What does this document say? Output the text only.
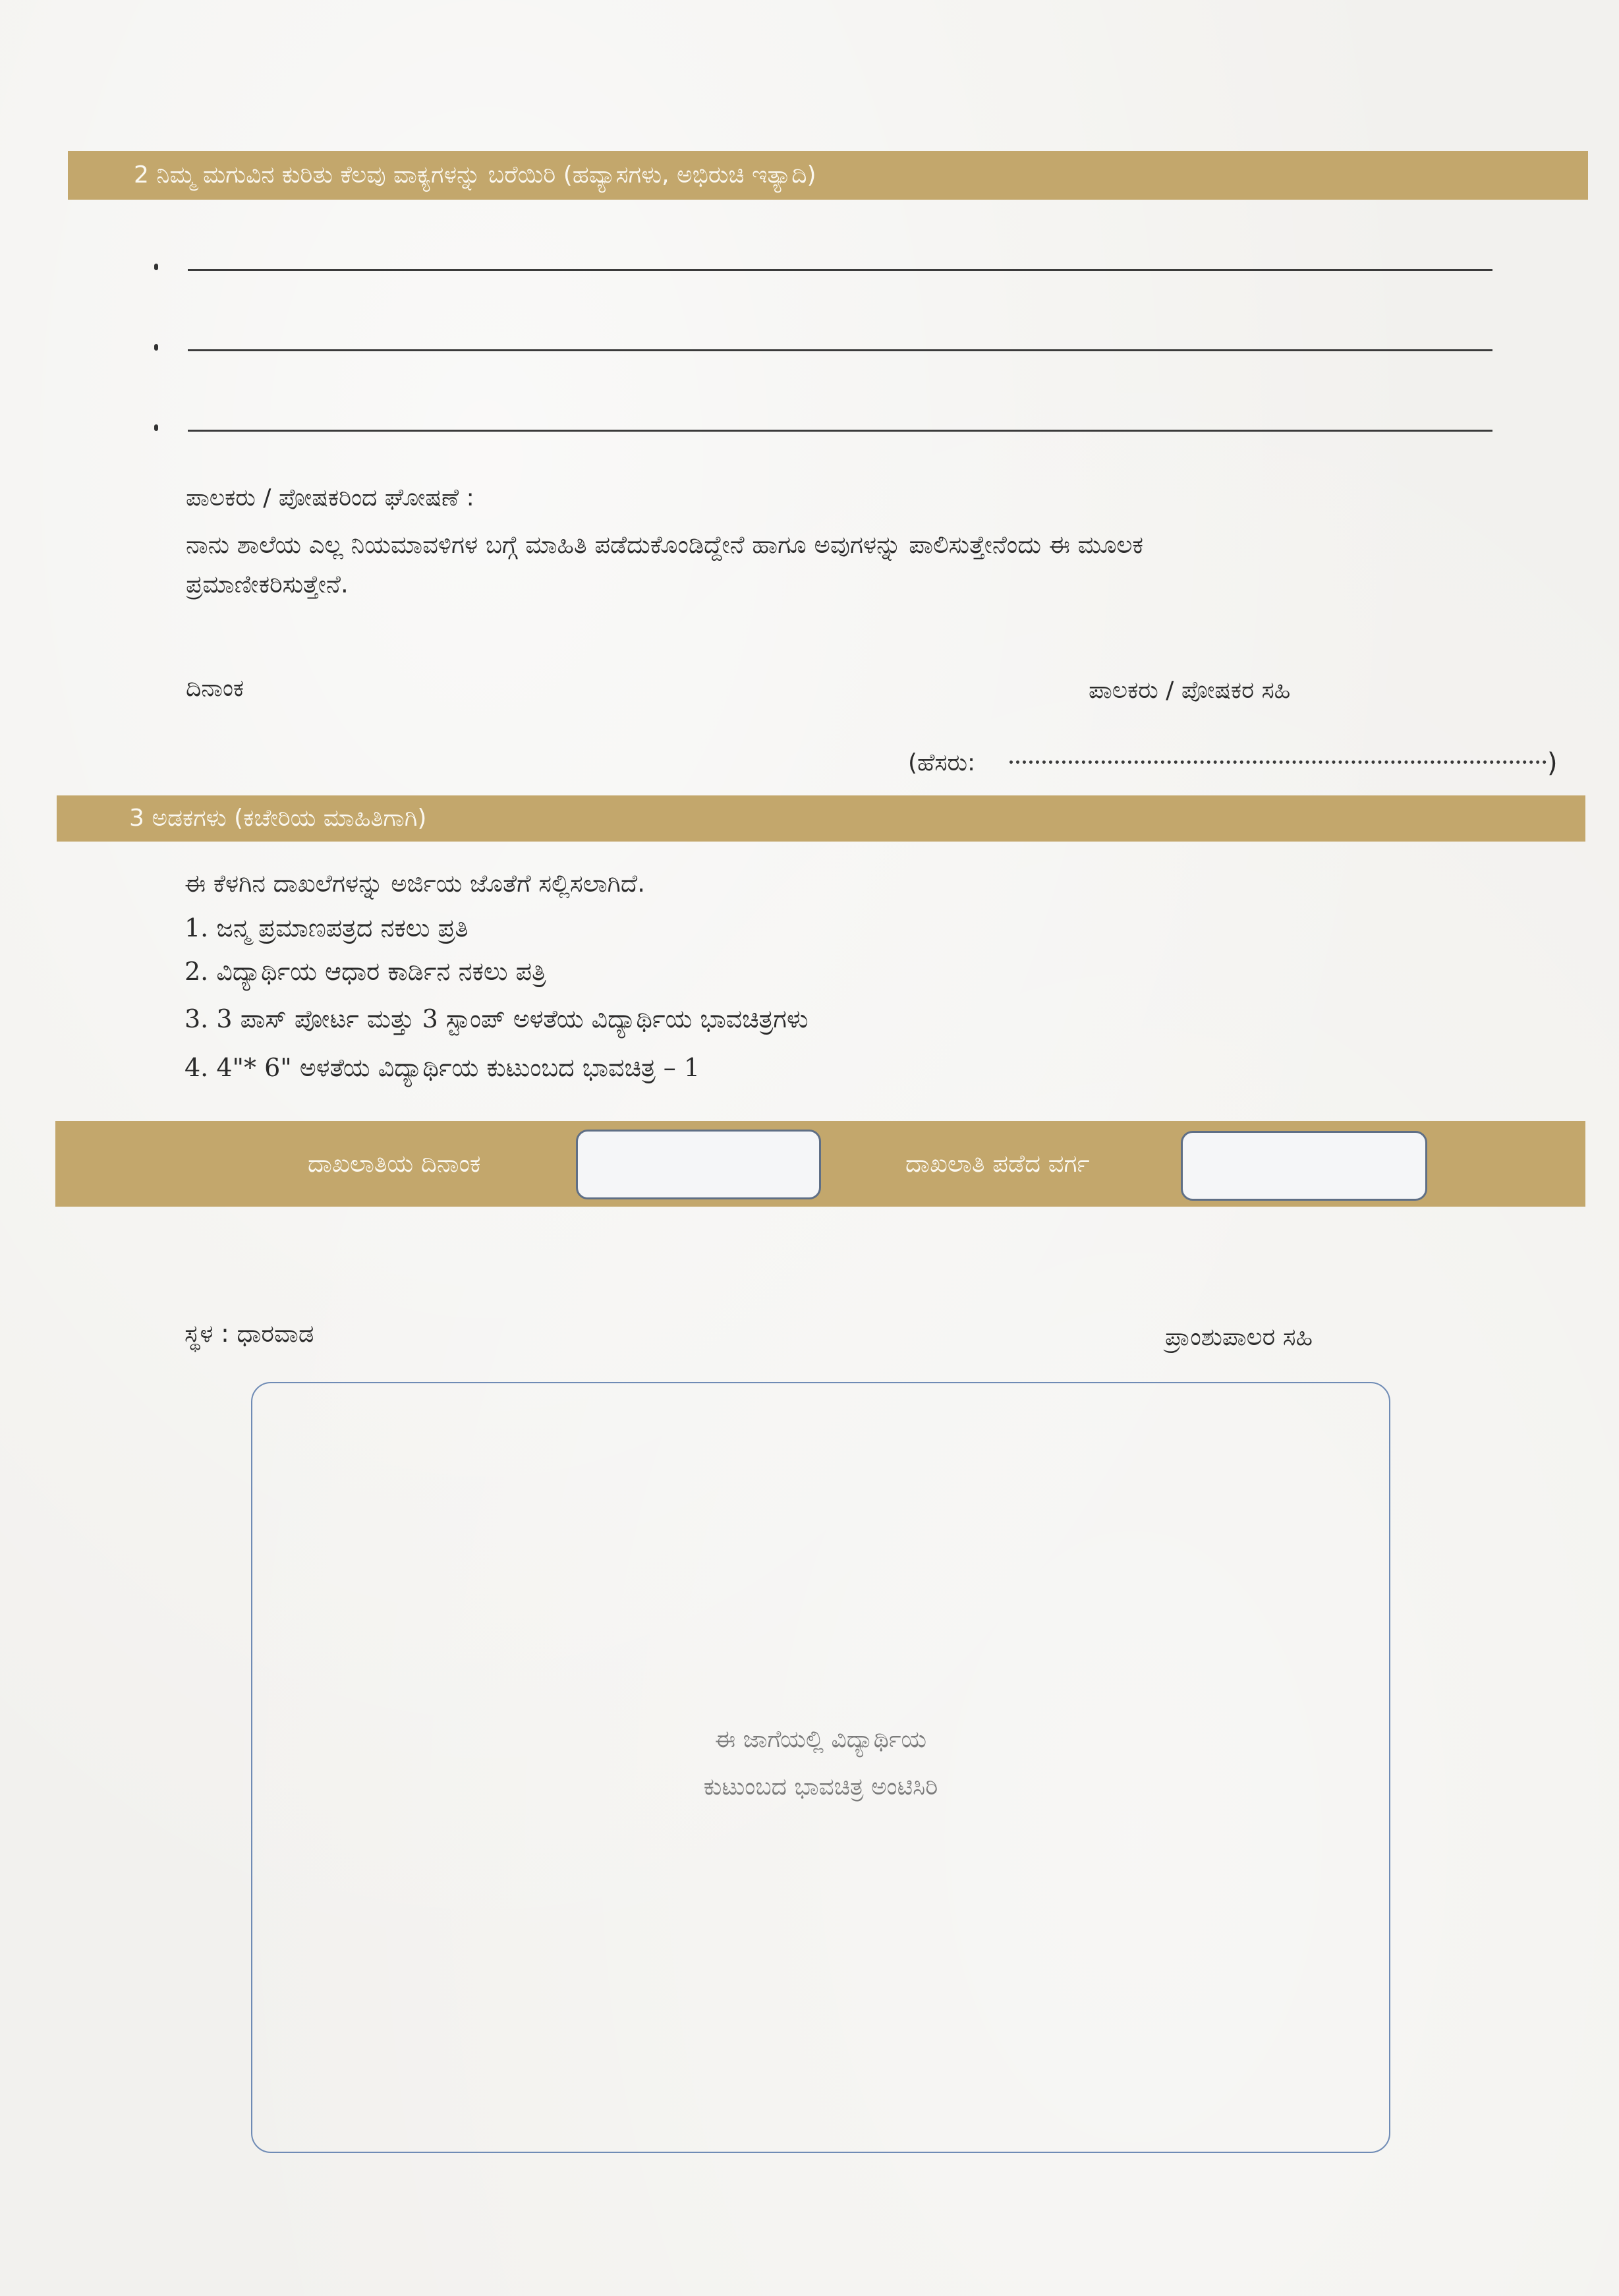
2 ನಿಮ್ಮ ಮಗುವಿನ ಕುರಿತು ಕೆಲವು ವಾಕ್ಯಗಳನ್ನು ಬರೆಯಿರಿ (ಹವ್ಯಾಸಗಳು, ಅಭಿರುಚಿ ಇತ್ಯಾದಿ)
ಪಾಲಕರು / ಪೋಷಕರಿಂದ ಘೋಷಣೆ :
ನಾನು ಶಾಲೆಯ ಎಲ್ಲ ನಿಯಮಾವಳಿಗಳ ಬಗ್ಗೆ ಮಾಹಿತಿ ಪಡೆದುಕೊಂಡಿದ್ದೇನೆ ಹಾಗೂ ಅವುಗಳನ್ನು ಪಾಲಿಸುತ್ತೇನೆಂದು ಈ ಮೂಲಕ
ಪ್ರಮಾಣೀಕರಿಸುತ್ತೇನೆ.
ದಿನಾಂಕ	ಪಾಲಕರು / ಪೋಷಕರ ಸಹಿ
(ಹೆಸರು:	)
3 ಅಡಕಗಳು (ಕಚೇರಿಯ ಮಾಹಿತಿಗಾಗಿ)
ಈ ಕೆಳಗಿನ ದಾಖಲೆಗಳನ್ನು ಅರ್ಜಿಯ ಜೊತೆಗೆ ಸಲ್ಲಿಸಲಾಗಿದೆ.
1. ಜನ್ಮ ಪ್ರಮಾಣಪತ್ರದ ನಕಲು ಪ್ರತಿ
2. ವಿದ್ಯಾರ್ಥಿಯ ಆಧಾರ ಕಾರ್ಡಿನ ನಕಲು ಪತ್ರಿ
3. 3 ಪಾಸ್ ಪೋರ್ಟ ಮತ್ತು 3 ಸ್ಟಾಂಪ್ ಅಳತೆಯ ವಿದ್ಯಾರ್ಥಿಯ ಭಾವಚಿತ್ರಗಳು
4. 4"* 6" ಅಳತೆಯ ವಿದ್ಯಾರ್ಥಿಯ ಕುಟುಂಬದ ಭಾವಚಿತ್ರ – 1
ದಾಖಲಾತಿಯ ದಿನಾಂಕ	ದಾಖಲಾತಿ ಪಡೆದ ವರ್ಗ
ಸ್ಥಳ : ಧಾರವಾಡ	ಪ್ರಾಂಶುಪಾಲರ ಸಹಿ
ಈ ಜಾಗೆಯಲ್ಲಿ ವಿದ್ಯಾರ್ಥಿಯ
ಕುಟುಂಬದ ಭಾವಚಿತ್ರ ಅಂಟಿಸಿರಿ
